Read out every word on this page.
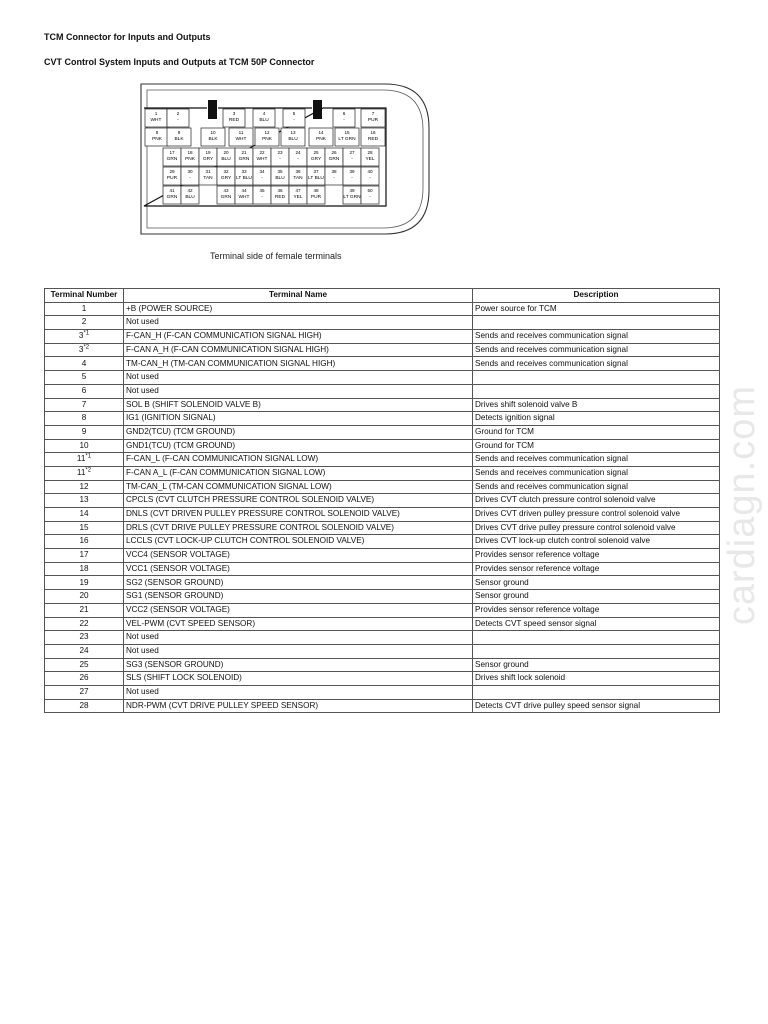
TCM Connector for Inputs and Outputs
CVT Control System Inputs and Outputs at TCM 50P Connector
1
WHT
2
-
3
RED
4
BLU
5
-
6
-
7
PUR
8
PNK
9
BLK
10
BLK
11
WHT
12
PNK
13
BLU
14
PNK
15
LT GRN
16
RED
17
GRN
18
PNK
19
GRY
20
BLU
21
GRN
22
WHT
23
-
24
-
25
GRY
26
GRN
27
-
28
YEL
29
PUR
30
-
31
TAN
32
GRY
33
LT BLU
34
-
35
BLU
36
TAN
37
LT BLU
38
-
39
-
40
-
41
GRN
42
BLU
43
GRN
44
WHT
45
-
46
RED
47
YEL
48
PUR
49
LT GRN
50
-
Terminal side of female terminals
cardiagn.com
Terminal Number	Terminal Name	Description
1	+B (POWER SOURCE)	Power source for TCM
2	Not used	
3$^{*1}$	F-CAN_H (F-CAN COMMUNICATION SIGNAL HIGH)	Sends and receives communication signal
3$^{*2}$	F-CAN A_H (F-CAN COMMUNICATION SIGNAL HIGH)	Sends and receives communication signal
4	TM-CAN_H (TM-CAN COMMUNICATION SIGNAL HIGH)	Sends and receives communication signal
5	Not used	
6	Not used	
7	SOL B (SHIFT SOLENOID VALVE B)	Drives shift solenoid valve B
8	IG1 (IGNITION SIGNAL)	Detects ignition signal
9	GND2(TCU) (TCM GROUND)	Ground for TCM
10	GND1(TCU) (TCM GROUND)	Ground for TCM
11$^{*1}$	F-CAN_L (F-CAN COMMUNICATION SIGNAL LOW)	Sends and receives communication signal
11$^{*2}$	F-CAN A_L (F-CAN COMMUNICATION SIGNAL LOW)	Sends and receives communication signal
12	TM-CAN_L (TM-CAN COMMUNICATION SIGNAL LOW)	Sends and receives communication signal
13	CPCLS (CVT CLUTCH PRESSURE CONTROL SOLENOID VALVE)	Drives CVT clutch pressure control solenoid valve
14	DNLS (CVT DRIVEN PULLEY PRESSURE CONTROL SOLENOID VALVE)	Drives CVT driven pulley pressure control solenoid valve
15	DRLS (CVT DRIVE PULLEY PRESSURE CONTROL SOLENOID VALVE)	Drives CVT drive pulley pressure control solenoid valve
16	LCCLS (CVT LOCK-UP CLUTCH CONTROL SOLENOID VALVE)	Drives CVT lock-up clutch control solenoid valve
17	VCC4 (SENSOR VOLTAGE)	Provides sensor reference voltage
18	VCC1 (SENSOR VOLTAGE)	Provides sensor reference voltage
19	SG2 (SENSOR GROUND)	Sensor ground
20	SG1 (SENSOR GROUND)	Sensor ground
21	VCC2 (SENSOR VOLTAGE)	Provides sensor reference voltage
22	VEL-PWM (CVT SPEED SENSOR)	Detects CVT speed sensor signal
23	Not used	
24	Not used	
25	SG3 (SENSOR GROUND)	Sensor ground
26	SLS (SHIFT LOCK SOLENOID)	Drives shift lock solenoid
27	Not used	
28	NDR-PWM (CVT DRIVE PULLEY SPEED SENSOR)	Detects CVT drive pulley speed sensor signal
